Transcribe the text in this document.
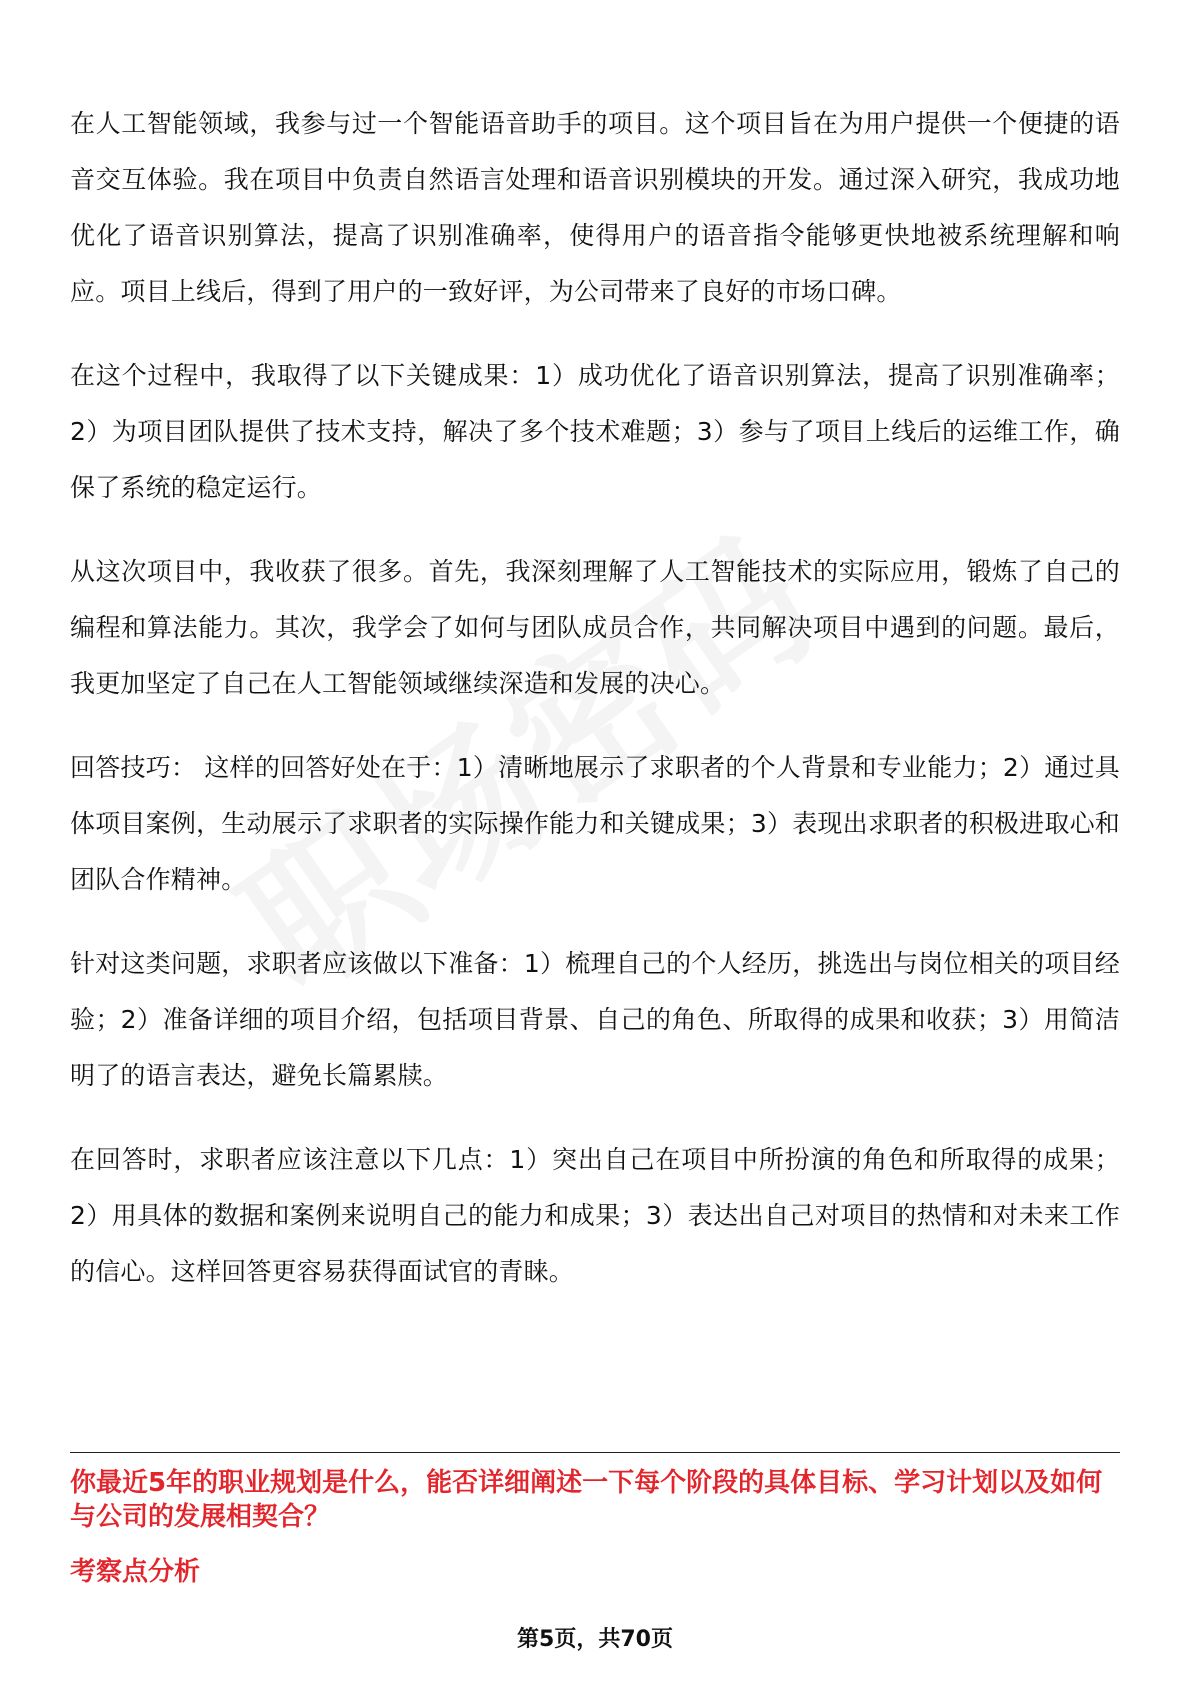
在人工智能领域，我参与过一个智能语音助手的项目。这个项目旨在为用户提供一个便捷的语音交互体验。我在项目中负责自然语言处理和语音识别模块的开发。通过深入研究，我成功地优化了语音识别算法，提高了识别准确率，使得用户的语音指令能够更快地被系统理解和响应。项目上线后，得到了用户的一致好评，为公司带来了良好的市场口碑。

在这个过程中，我取得了以下关键成果：1）成功优化了语音识别算法，提高了识别准确率；2）为项目团队提供了技术支持，解决了多个技术难题；3）参与了项目上线后的运维工作，确保了系统的稳定运行。

从这次项目中，我收获了很多。首先，我深刻理解了人工智能技术的实际应用，锻炼了自己的编程和算法能力。其次，我学会了如何与团队成员合作，共同解决项目中遇到的问题。最后，我更加坚定了自己在人工智能领域继续深造和发展的决心。

回答技巧： 这样的回答好处在于：1）清晰地展示了求职者的个人背景和专业能力；2）通过具体项目案例，生动展示了求职者的实际操作能力和关键成果；3）表现出求职者的积极进取心和团队合作精神。

针对这类问题，求职者应该做以下准备：1）梳理自己的个人经历，挑选出与岗位相关的项目经验；2）准备详细的项目介绍，包括项目背景、自己的角色、所取得的成果和收获；3）用简洁明了的语言表达，避免长篇累牍。

在回答时，求职者应该注意以下几点：1）突出自己在项目中所扮演的角色和所取得的成果；2）用具体的数据和案例来说明自己的能力和成果；3）表达出自己对项目的热情和对未来工作的信心。这样回答更容易获得面试官的青睐。

你最近5年的职业规划是什么，能否详细阐述一下每个阶段的具体目标、学习计划以及如何与公司的发展相契合？

考察点分析

第5页，共70页
